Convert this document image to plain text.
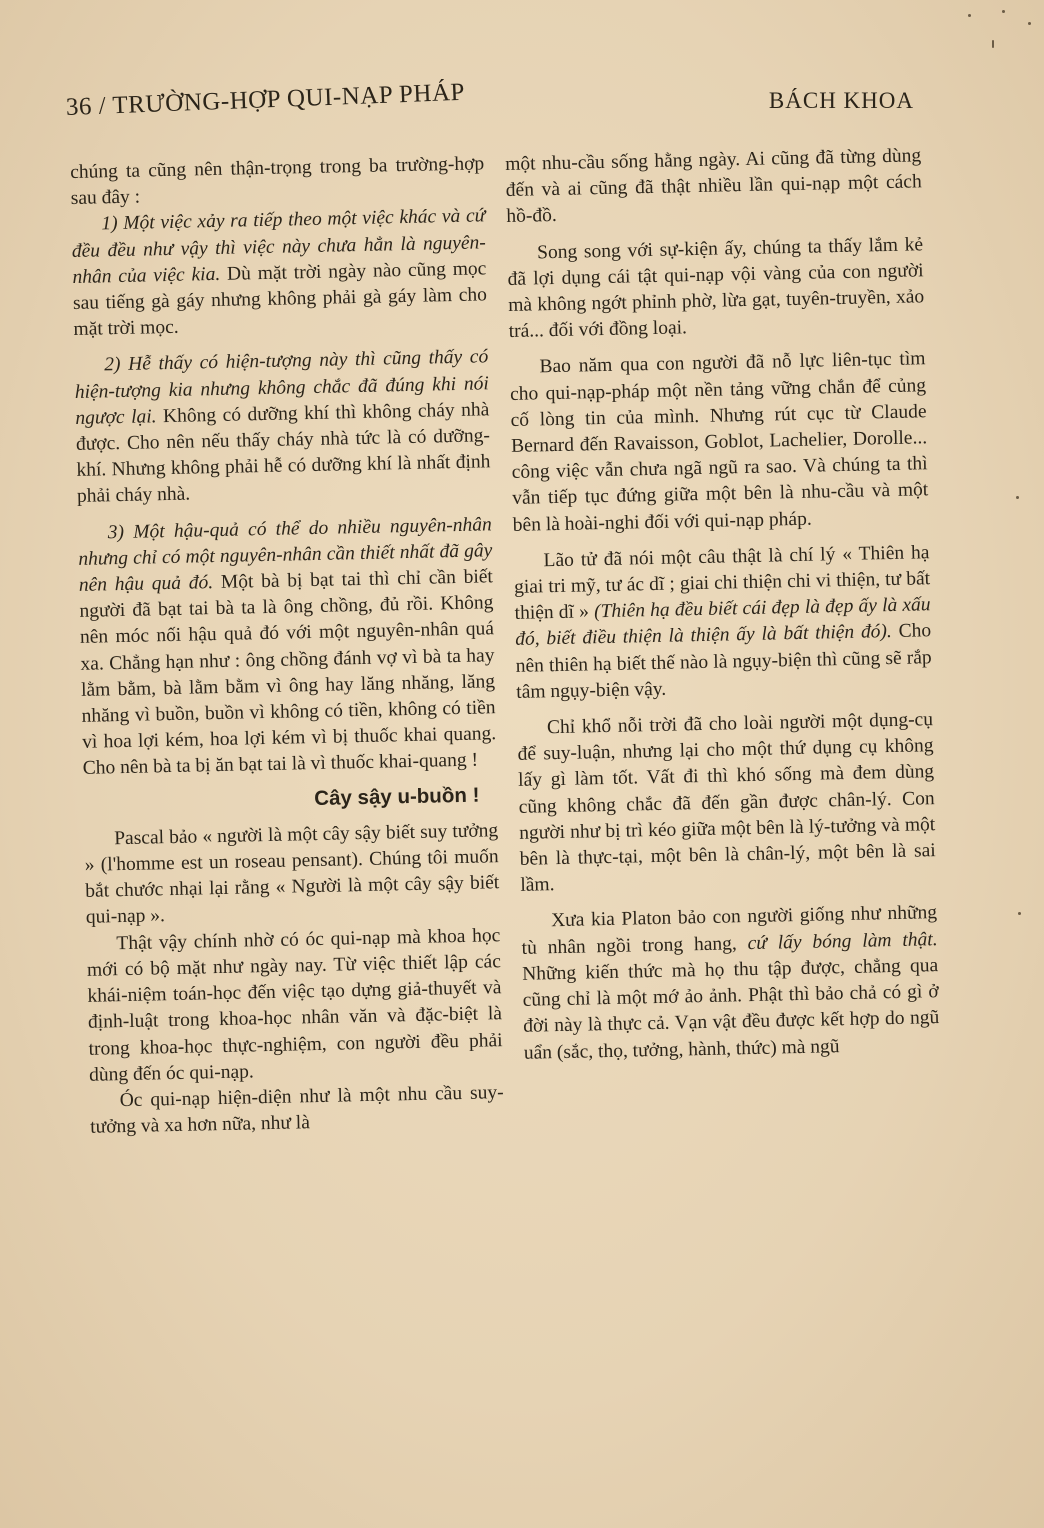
36 / TRƯỜNG-HỢP QUI-NẠP PHÁP	BÁCH KHOA

chúng ta cũng nên thận-trọng trong ba trường-hợp sau đây :

1) Một việc xảy ra tiếp theo một việc khác và cứ đều đều như vậy thì việc này chưa hẳn là nguyên-nhân của việc kia. Dù mặt trời ngày nào cũng mọc sau tiếng gà gáy nhưng không phải gà gáy làm cho mặt trời mọc.

2) Hễ thấy có hiện-tượng này thì cũng thấy có hiện-tượng kia nhưng không chắc đã đúng khi nói ngược lại. Không có dưỡng khí thì không cháy nhà được. Cho nên nếu thấy cháy nhà tức là có dưỡng-khí. Nhưng không phải hễ có dưỡng khí là nhất định phải cháy nhà.

3) Một hậu-quả có thể do nhiều nguyên-nhân nhưng chỉ có một nguyên-nhân cần thiết nhất đã gây nên hậu quả đó. Một bà bị bạt tai thì chỉ cần biết người đã bạt tai bà ta là ông chồng, đủ rồi. Không nên móc nối hậu quả đó với một nguyên-nhân quá xa. Chẳng hạn như : ông chồng đánh vợ vì bà ta hay lằm bằm, bà lằm bằm vì ông hay lăng nhăng, lăng nhăng vì buồn, buồn vì không có tiền, không có tiền vì hoa lợi kém, hoa lợi kém vì bị thuốc khai quang. Cho nên bà ta bị ăn bạt tai là vì thuốc khai-quang !

Cây sậy u-buồn !

Pascal bảo « người là một cây sậy biết suy tưởng » (l'homme est un roseau pensant). Chúng tôi muốn bắt chước nhại lại rằng « Người là một cây sậy biết qui-nạp ».

Thật vậy chính nhờ có óc qui-nạp mà khoa học mới có bộ mặt như ngày nay. Từ việc thiết lập các khái-niệm toán-học đến việc tạo dựng giả-thuyết và định-luật trong khoa-học nhân văn và đặc-biệt là trong khoa-học thực-nghiệm, con người đều phải dùng đến óc qui-nạp.

Óc qui-nạp hiện-diện như là một nhu cầu suy-tưởng và xa hơn nữa, như là

một nhu-cầu sống hằng ngày. Ai cũng đã từng dùng đến và ai cũng đã thật nhiều lần qui-nạp một cách hồ-đồ.

Song song với sự-kiện ấy, chúng ta thấy lắm kẻ đã lợi dụng cái tật qui-nạp vội vàng của con người mà không ngớt phỉnh phờ, lừa gạt, tuyên-truyền, xảo trá... đối với đồng loại.

Bao năm qua con người đã nỗ lực liên-tục tìm cho qui-nạp-pháp một nền tảng vững chắn để củng cố lòng tin của mình. Nhưng rút cục từ Claude Bernard đến Ravaisson, Goblot, Lachelier, Dorolle... công việc vẫn chưa ngã ngũ ra sao. Và chúng ta thì vẫn tiếp tục đứng giữa một bên là nhu-cầu và một bên là hoài-nghi đối với qui-nạp pháp.

Lão tử đã nói một câu thật là chí lý « Thiên hạ giai tri mỹ, tư ác dĩ ; giai chi thiện chi vi thiện, tư bất thiện dĩ » (Thiên hạ đều biết cái đẹp là đẹp ấy là xấu đó, biết điều thiện là thiện ấy là bất thiện đó). Cho nên thiên hạ biết thế nào là ngụy-biện thì cũng sẽ rắp tâm ngụy-biện vậy.

Chỉ khổ nỗi trời đã cho loài người một dụng-cụ để suy-luận, nhưng lại cho một thứ dụng cụ không lấy gì làm tốt. Vất đi thì khó sống mà đem dùng cũng không chắc đã đến gần được chân-lý. Con người như bị trì kéo giữa một bên là lý-tưởng và một bên là thực-tại, một bên là chân-lý, một bên là sai lầm.

Xưa kia Platon bảo con người giống như những tù nhân ngồi trong hang, cứ lấy bóng làm thật. Những kiến thức mà họ thu tập được, chẳng qua cũng chỉ là một mớ ảo ảnh. Phật thì bảo chả có gì ở đời này là thực cả. Vạn vật đều được kết hợp do ngũ uẩn (sắc, thọ, tưởng, hành, thức) mà ngũ
